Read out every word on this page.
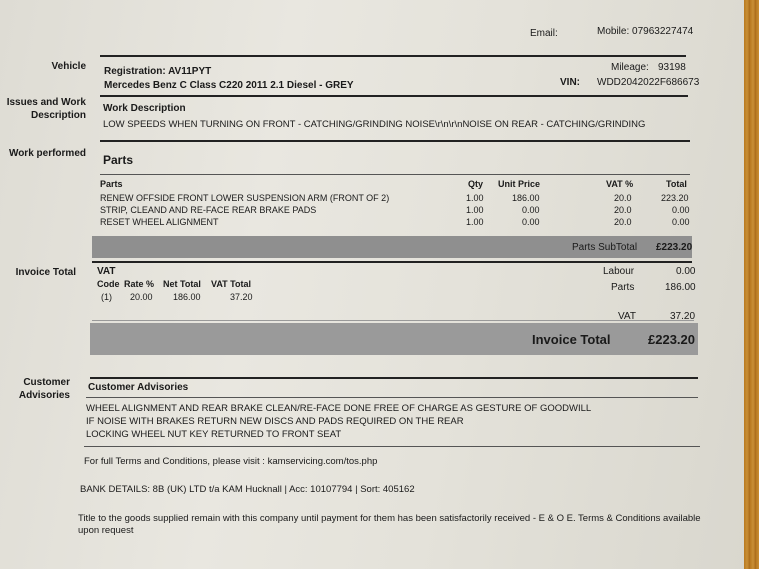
Email:	Mobile: 07963227474
Vehicle
Issues and Work Description
Work performed
Invoice Total
Customer Advisories
Registration: AV11PYT
Mercedes Benz C Class C220 2011 2.1 Diesel - GREY
Mileage: 93198
VIN: WDD2042022F686673
Work Description
LOW SPEEDS WHEN TURNING ON FRONT - CATCHING/GRINDING NOISE\r\n\r\nNOISE ON REAR - CATCHING/GRINDING
Parts
Parts	Qty Unit Price	VAT %	Total
RENEW OFFSIDE FRONT LOWER SUSPENSION ARM (FRONT OF 2)	1.00	186.00	20.0	223.20
STRIP, CLEAND AND RE-FACE REAR BRAKE PADS	1.00	0.00	20.0	0.00
RESET WHEEL ALIGNMENT	1.00	0.00	20.0	0.00
Parts SubTotal £223.20
VAT
Code Rate % Net Total VAT Total
(1) 20.00 186.00	37.20
Labour	0.00
Parts	186.00
VAT	37.20
Invoice Total	£223.20
Customer Advisories
WHEEL ALIGNMENT AND REAR BRAKE CLEAN/RE-FACE DONE FREE OF CHARGE AS GESTURE OF GOODWILL
IF NOISE WITH BRAKES RETURN NEW DISCS AND PADS REQUIRED ON THE REAR
LOCKING WHEEL NUT KEY RETURNED TO FRONT SEAT
For full Terms and Conditions, please visit : kamservicing.com/tos.php
BANK DETAILS: 8B (UK) LTD t/a KAM Hucknall | Acc: 10107794 | Sort: 405162
Title to the goods supplied remain with this company until payment for them has been satisfactorily received - E & O E. Terms & Conditions available
upon request
